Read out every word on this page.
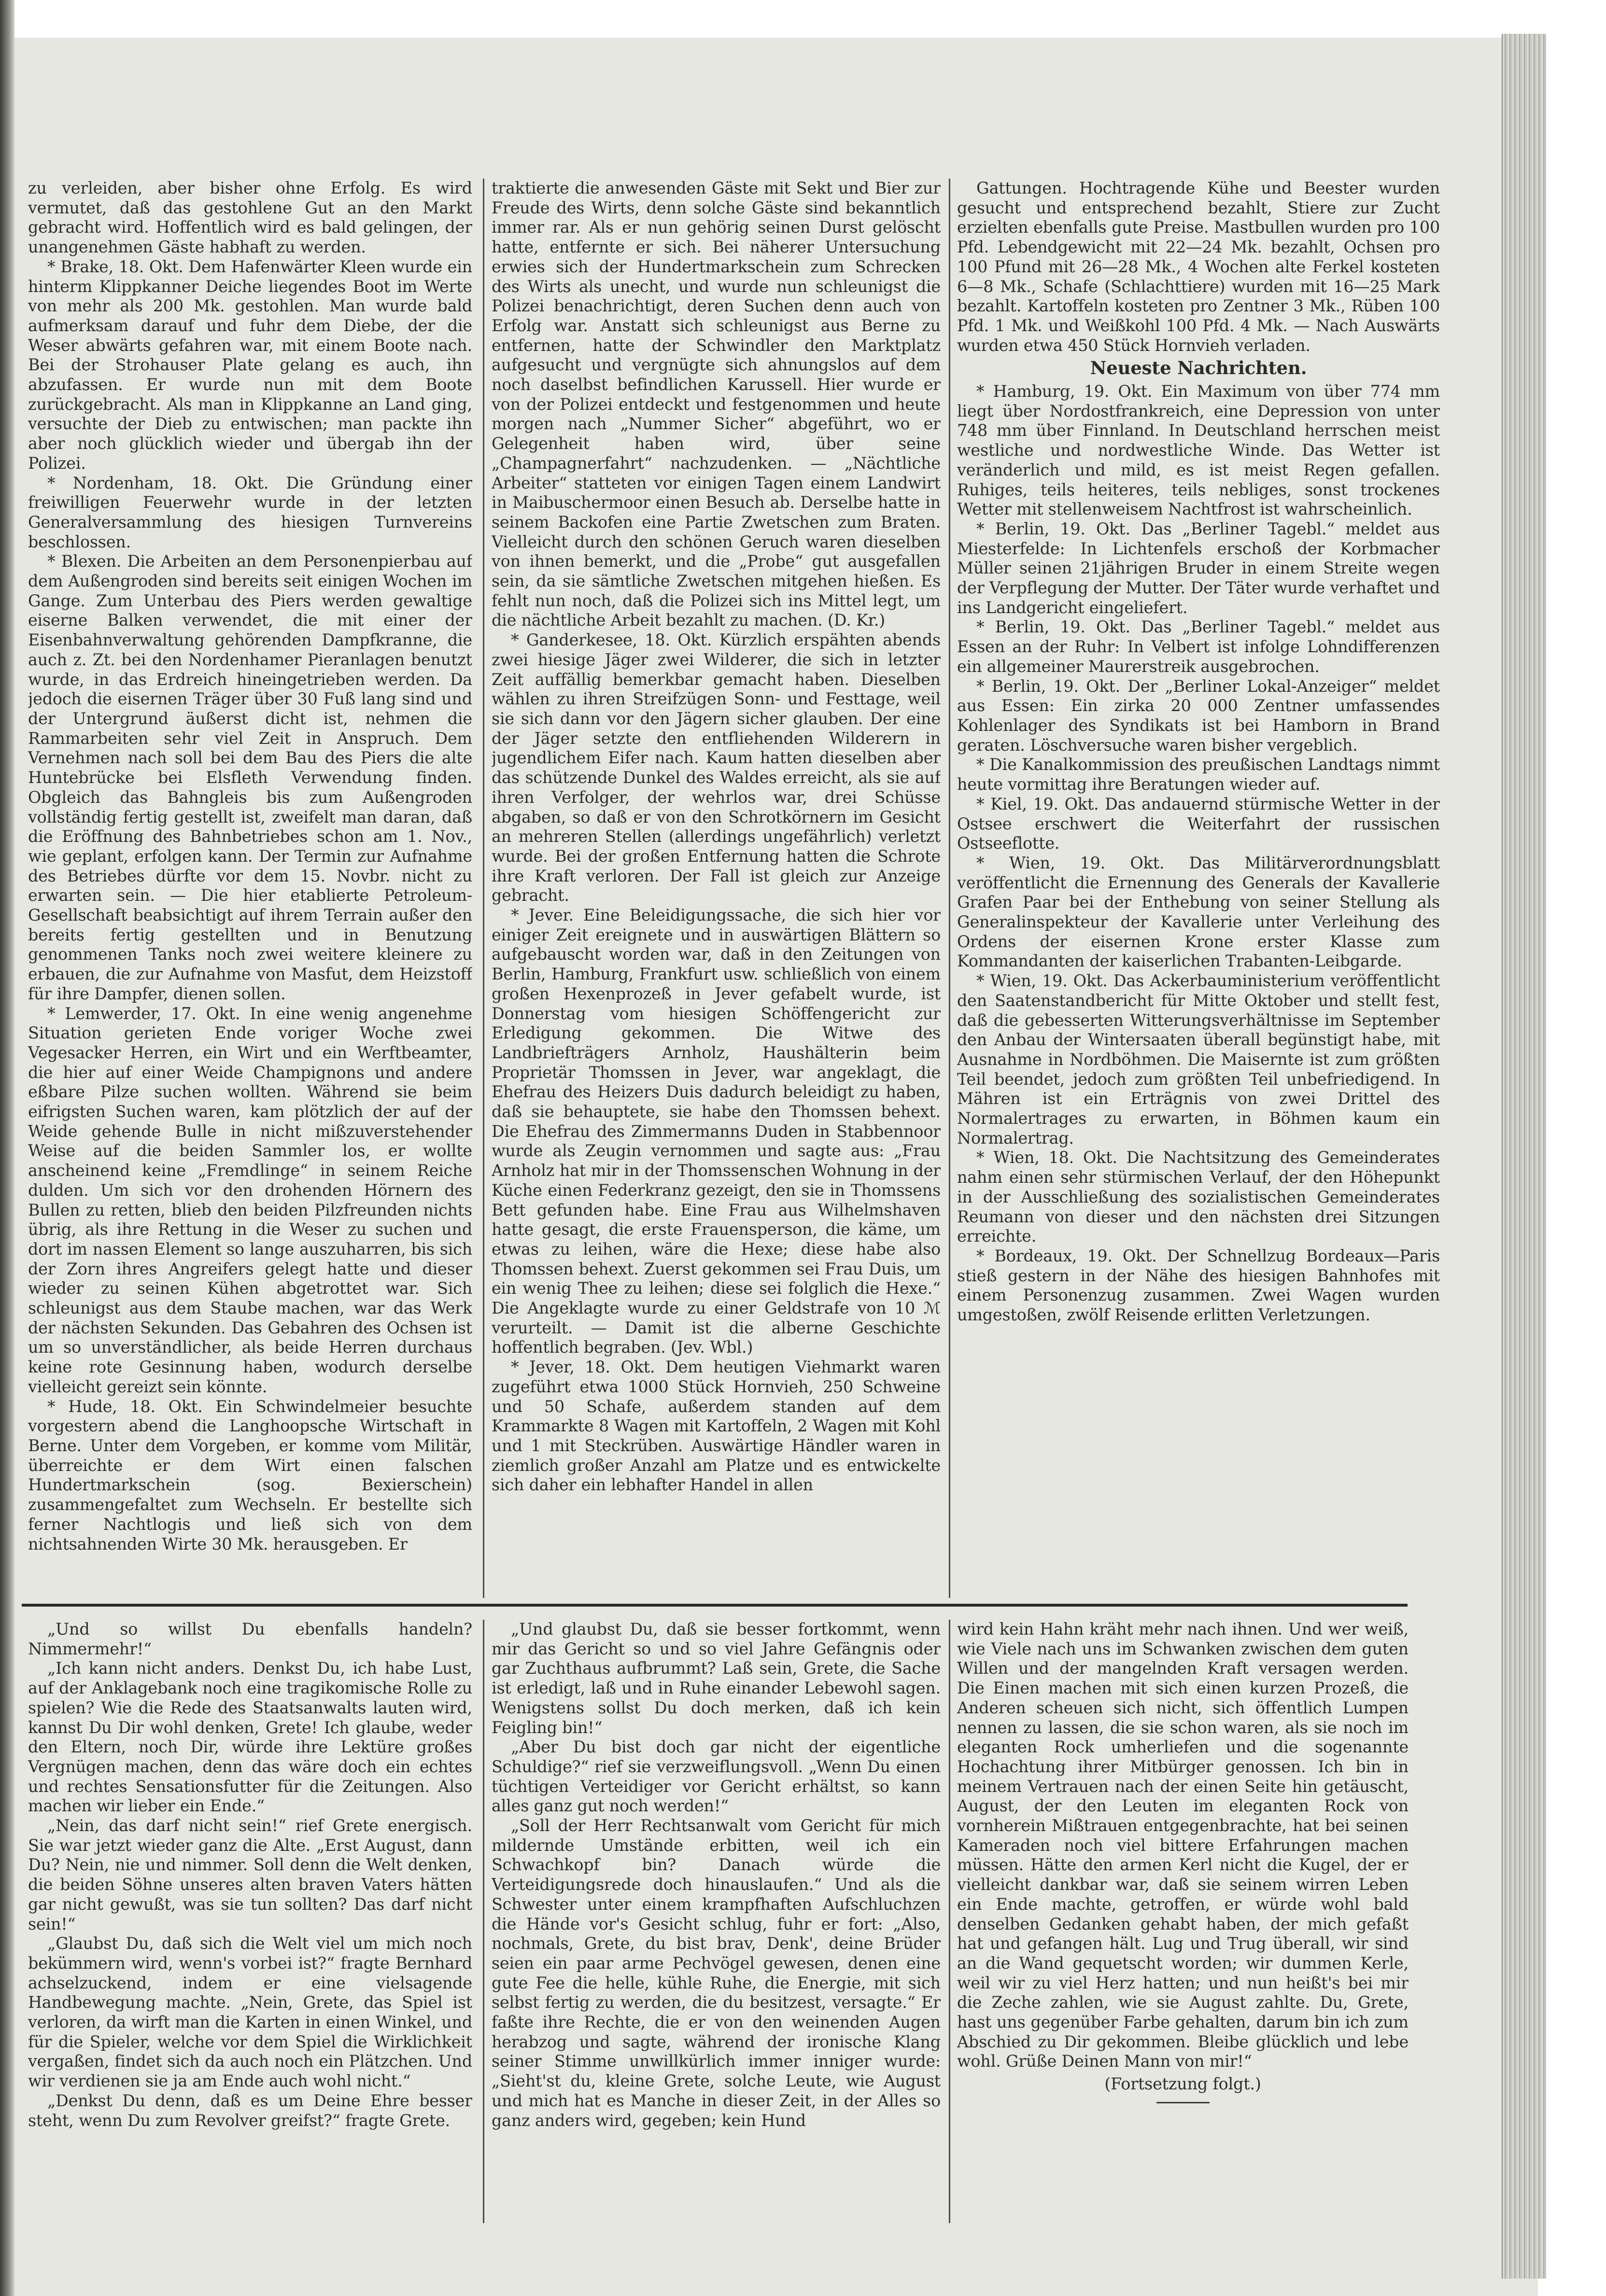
zu verleiden, aber bisher ohne Erfolg. Es wird vermutet, daß das gestohlene Gut an den Markt gebracht wird. Hoffentlich wird es bald gelingen, der unangenehmen Gäste habhaft zu werden.

* Brake, 18. Okt. Dem Hafenwärter Kleen wurde ein hinterm Klippkanner Deiche liegendes Boot im Werte von mehr als 200 Mk. gestohlen. Man wurde bald aufmerksam darauf und fuhr dem Diebe, der die Weser abwärts gefahren war, mit einem Boote nach. Bei der Strohauser Plate gelang es auch, ihn abzufassen. Er wurde nun mit dem Boote zurückgebracht. Als man in Klippkanne an Land ging, versuchte der Dieb zu entwischen; man packte ihn aber noch glücklich wieder und übergab ihn der Polizei.

* Nordenham, 18. Okt. Die Gründung einer freiwilligen Feuerwehr wurde in der letzten Generalversammlung des hiesigen Turnvereins beschlossen.

* Blexen. Die Arbeiten an dem Personenpierbau auf dem Außengroden sind bereits seit einigen Wochen im Gange. Zum Unterbau des Piers werden gewaltige eiserne Balken verwendet, die mit einer der Eisenbahnverwaltung gehörenden Dampfkranne, die auch z. Zt. bei den Nordenhamer Pieranlagen benutzt wurde, in das Erdreich hineingetrieben werden. Da jedoch die eisernen Träger über 30 Fuß lang sind und der Untergrund äußerst dicht ist, nehmen die Rammarbeiten sehr viel Zeit in Anspruch. Dem Vernehmen nach soll bei dem Bau des Piers die alte Huntebrücke bei Elsfleth Verwendung finden. Obgleich das Bahngleis bis zum Außengroden vollständig fertig gestellt ist, zweifelt man daran, daß die Eröffnung des Bahnbetriebes schon am 1. Nov., wie geplant, erfolgen kann. Der Termin zur Aufnahme des Betriebes dürfte vor dem 15. Novbr. nicht zu erwarten sein. — Die hier etablierte Petroleum-Gesellschaft beabsichtigt auf ihrem Terrain außer den bereits fertig gestellten und in Benutzung genommenen Tanks noch zwei weitere kleinere zu erbauen, die zur Aufnahme von Masfut, dem Heizstoff für ihre Dampfer, dienen sollen.

* Lemwerder, 17. Okt. In eine wenig angenehme Situation gerieten Ende voriger Woche zwei Vegesacker Herren, ein Wirt und ein Werftbeamter, die hier auf einer Weide Champignons und andere eßbare Pilze suchen wollten. Während sie beim eifrigsten Suchen waren, kam plötzlich der auf der Weide gehende Bulle in nicht mißzuverstehender Weise auf die beiden Sammler los, er wollte anscheinend keine „Fremdlinge“ in seinem Reiche dulden. Um sich vor den drohenden Hörnern des Bullen zu retten, blieb den beiden Pilzfreunden nichts übrig, als ihre Rettung in die Weser zu suchen und dort im nassen Element so lange auszuharren, bis sich der Zorn ihres Angreifers gelegt hatte und dieser wieder zu seinen Kühen abgetrottet war. Sich schleunigst aus dem Staube machen, war das Werk der nächsten Sekunden. Das Gebahren des Ochsen ist um so unverständlicher, als beide Herren durchaus keine rote Gesinnung haben, wodurch derselbe vielleicht gereizt sein könnte.

* Hude, 18. Okt. Ein Schwindelmeier besuchte vorgestern abend die Langhoopsche Wirtschaft in Berne. Unter dem Vorgeben, er komme vom Militär, überreichte er dem Wirt einen falschen Hundertmarkschein (sog. Bexierschein) zusammengefaltet zum Wechseln. Er bestellte sich ferner Nachtlogis und ließ sich von dem nichtsahnenden Wirte 30 Mk. herausgeben. Er

traktierte die anwesenden Gäste mit Sekt und Bier zur Freude des Wirts, denn solche Gäste sind bekanntlich immer rar. Als er nun gehörig seinen Durst gelöscht hatte, entfernte er sich. Bei näherer Untersuchung erwies sich der Hundertmarkschein zum Schrecken des Wirts als unecht, und wurde nun schleunigst die Polizei benachrichtigt, deren Suchen denn auch von Erfolg war. Anstatt sich schleunigst aus Berne zu entfernen, hatte der Schwindler den Marktplatz aufgesucht und vergnügte sich ahnungslos auf dem noch daselbst befindlichen Karussell. Hier wurde er von der Polizei entdeckt und festgenommen und heute morgen nach „Nummer Sicher“ abgeführt, wo er Gelegenheit haben wird, über seine „Champagnerfahrt“ nachzudenken. — „Nächtliche Arbeiter“ statteten vor einigen Tagen einem Landwirt in Maibuschermoor einen Besuch ab. Derselbe hatte in seinem Backofen eine Partie Zwetschen zum Braten. Vielleicht durch den schönen Geruch waren dieselben von ihnen bemerkt, und die „Probe“ gut ausgefallen sein, da sie sämtliche Zwetschen mitgehen hießen. Es fehlt nun noch, daß die Polizei sich ins Mittel legt, um die nächtliche Arbeit bezahlt zu machen. (D. Kr.)

* Ganderkesee, 18. Okt. Kürzlich erspähten abends zwei hiesige Jäger zwei Wilderer, die sich in letzter Zeit auffällig bemerkbar gemacht haben. Dieselben wählen zu ihren Streifzügen Sonn- und Festtage, weil sie sich dann vor den Jägern sicher glauben. Der eine der Jäger setzte den entfliehenden Wilderern in jugendlichem Eifer nach. Kaum hatten dieselben aber das schützende Dunkel des Waldes erreicht, als sie auf ihren Verfolger, der wehrlos war, drei Schüsse abgaben, so daß er von den Schrotkörnern im Gesicht an mehreren Stellen (allerdings ungefährlich) verletzt wurde. Bei der großen Entfernung hatten die Schrote ihre Kraft verloren. Der Fall ist gleich zur Anzeige gebracht.

* Jever. Eine Beleidigungssache, die sich hier vor einiger Zeit ereignete und in auswärtigen Blättern so aufgebauscht worden war, daß in den Zeitungen von Berlin, Hamburg, Frankfurt usw. schließlich von einem großen Hexenprozeß in Jever gefabelt wurde, ist Donnerstag vom hiesigen Schöffengericht zur Erledigung gekommen. Die Witwe des Landbriefträgers Arnholz, Haushälterin beim Proprietär Thomssen in Jever, war angeklagt, die Ehefrau des Heizers Duis dadurch beleidigt zu haben, daß sie behauptete, sie habe den Thomssen behext. Die Ehefrau des Zimmermanns Duden in Stabbennoor wurde als Zeugin vernommen und sagte aus: „Frau Arnholz hat mir in der Thomssenschen Wohnung in der Küche einen Federkranz gezeigt, den sie in Thomssens Bett gefunden habe. Eine Frau aus Wilhelmshaven hatte gesagt, die erste Frauensperson, die käme, um etwas zu leihen, wäre die Hexe; diese habe also Thomssen behext. Zuerst gekommen sei Frau Duis, um ein wenig Thee zu leihen; diese sei folglich die Hexe.“ Die Angeklagte wurde zu einer Geldstrafe von 10 ℳ verurteilt. — Damit ist die alberne Geschichte hoffentlich begraben. (Jev. Wbl.)

* Jever, 18. Okt. Dem heutigen Viehmarkt waren zugeführt etwa 1000 Stück Hornvieh, 250 Schweine und 50 Schafe, außerdem standen auf dem Krammarkte 8 Wagen mit Kartoffeln, 2 Wagen mit Kohl und 1 mit Steckrüben. Auswärtige Händler waren in ziemlich großer Anzahl am Platze und es entwickelte sich daher ein lebhafter Handel in allen

Gattungen. Hochtragende Kühe und Beester wurden gesucht und entsprechend bezahlt, Stiere zur Zucht erzielten ebenfalls gute Preise. Mastbullen wurden pro 100 Pfd. Lebendgewicht mit 22—24 Mk. bezahlt, Ochsen pro 100 Pfund mit 26—28 Mk., 4 Wochen alte Ferkel kosteten 6—8 Mk., Schafe (Schlachttiere) wurden mit 16—25 Mark bezahlt. Kartoffeln kosteten pro Zentner 3 Mk., Rüben 100 Pfd. 1 Mk. und Weißkohl 100 Pfd. 4 Mk. — Nach Auswärts wurden etwa 450 Stück Hornvieh verladen.

Neueste Nachrichten.

* Hamburg, 19. Okt. Ein Maximum von über 774 mm liegt über Nordostfrankreich, eine Depression von unter 748 mm über Finnland. In Deutschland herrschen meist westliche und nordwestliche Winde. Das Wetter ist veränderlich und mild, es ist meist Regen gefallen. Ruhiges, teils heiteres, teils nebliges, sonst trockenes Wetter mit stellenweisem Nachtfrost ist wahrscheinlich.

* Berlin, 19. Okt. Das „Berliner Tagebl.“ meldet aus Miesterfelde: In Lichtenfels erschoß der Korbmacher Müller seinen 21jährigen Bruder in einem Streite wegen der Verpflegung der Mutter. Der Täter wurde verhaftet und ins Landgericht eingeliefert.

* Berlin, 19. Okt. Das „Berliner Tagebl.“ meldet aus Essen an der Ruhr: In Velbert ist infolge Lohndifferenzen ein allgemeiner Maurerstreik ausgebrochen.

* Berlin, 19. Okt. Der „Berliner Lokal-Anzeiger“ meldet aus Essen: Ein zirka 20 000 Zentner umfassendes Kohlenlager des Syndikats ist bei Hamborn in Brand geraten. Löschversuche waren bisher vergeblich.

* Die Kanalkommission des preußischen Landtags nimmt heute vormittag ihre Beratungen wieder auf.

* Kiel, 19. Okt. Das andauernd stürmische Wetter in der Ostsee erschwert die Weiterfahrt der russischen Ostseeflotte.

* Wien, 19. Okt. Das Militärverordnungsblatt veröffentlicht die Ernennung des Generals der Kavallerie Grafen Paar bei der Enthebung von seiner Stellung als Generalinspekteur der Kavallerie unter Verleihung des Ordens der eisernen Krone erster Klasse zum Kommandanten der kaiserlichen Trabanten-Leibgarde.

* Wien, 19. Okt. Das Ackerbauministerium veröffentlicht den Saatenstandbericht für Mitte Oktober und stellt fest, daß die gebesserten Witterungsverhältnisse im September den Anbau der Wintersaaten überall begünstigt habe, mit Ausnahme in Nordböhmen. Die Maisernte ist zum größten Teil beendet, jedoch zum größten Teil unbefriedigend. In Mähren ist ein Erträgnis von zwei Drittel des Normalertrages zu erwarten, in Böhmen kaum ein Normalertrag.

* Wien, 18. Okt. Die Nachtsitzung des Gemeinderates nahm einen sehr stürmischen Verlauf, der den Höhepunkt in der Ausschließung des sozialistischen Gemeinderates Reumann von dieser und den nächsten drei Sitzungen erreichte.

* Bordeaux, 19. Okt. Der Schnellzug Bordeaux—Paris stieß gestern in der Nähe des hiesigen Bahnhofes mit einem Personenzug zusammen. Zwei Wagen wurden umgestoßen, zwölf Reisende erlitten Verletzungen.

„Und so willst Du ebenfalls handeln? Nimmermehr!“

„Ich kann nicht anders. Denkst Du, ich habe Lust, auf der Anklagebank noch eine tragikomische Rolle zu spielen? Wie die Rede des Staatsanwalts lauten wird, kannst Du Dir wohl denken, Grete! Ich glaube, weder den Eltern, noch Dir, würde ihre Lektüre großes Vergnügen machen, denn das wäre doch ein echtes und rechtes Sensationsfutter für die Zeitungen. Also machen wir lieber ein Ende.“

„Nein, das darf nicht sein!“ rief Grete energisch. Sie war jetzt wieder ganz die Alte. „Erst August, dann Du? Nein, nie und nimmer. Soll denn die Welt denken, die beiden Söhne unseres alten braven Vaters hätten gar nicht gewußt, was sie tun sollten? Das darf nicht sein!“

„Glaubst Du, daß sich die Welt viel um mich noch bekümmern wird, wenn's vorbei ist?“ fragte Bernhard achselzuckend, indem er eine vielsagende Handbewegung machte. „Nein, Grete, das Spiel ist verloren, da wirft man die Karten in einen Winkel, und für die Spieler, welche vor dem Spiel die Wirklichkeit vergaßen, findet sich da auch noch ein Plätzchen. Und wir verdienen sie ja am Ende auch wohl nicht.“

„Denkst Du denn, daß es um Deine Ehre besser steht, wenn Du zum Revolver greifst?“ fragte Grete.

„Und glaubst Du, daß sie besser fortkommt, wenn mir das Gericht so und so viel Jahre Gefängnis oder gar Zuchthaus aufbrummt? Laß sein, Grete, die Sache ist erledigt, laß und in Ruhe einander Lebewohl sagen. Wenigstens sollst Du doch merken, daß ich kein Feigling bin!“

„Aber Du bist doch gar nicht der eigentliche Schuldige?“ rief sie verzweiflungsvoll. „Wenn Du einen tüchtigen Verteidiger vor Gericht erhältst, so kann alles ganz gut noch werden!“

„Soll der Herr Rechtsanwalt vom Gericht für mich mildernde Umstände erbitten, weil ich ein Schwachkopf bin? Danach würde die Verteidigungsrede doch hinauslaufen.“ Und als die Schwester unter einem krampfhaften Aufschluchzen die Hände vor's Gesicht schlug, fuhr er fort: „Also, nochmals, Grete, du bist brav, Denk', deine Brüder seien ein paar arme Pechvögel gewesen, denen eine gute Fee die helle, kühle Ruhe, die Energie, mit sich selbst fertig zu werden, die du besitzest, versagte.“ Er faßte ihre Rechte, die er von den weinenden Augen herabzog und sagte, während der ironische Klang seiner Stimme unwillkürlich immer inniger wurde: „Sieht'st du, kleine Grete, solche Leute, wie August und mich hat es Manche in dieser Zeit, in der Alles so ganz anders wird, gegeben; kein Hund

wird kein Hahn kräht mehr nach ihnen. Und wer weiß, wie Viele nach uns im Schwanken zwischen dem guten Willen und der mangelnden Kraft versagen werden. Die Einen machen mit sich einen kurzen Prozeß, die Anderen scheuen sich nicht, sich öffentlich Lumpen nennen zu lassen, die sie schon waren, als sie noch im eleganten Rock umherliefen und die sogenannte Hochachtung ihrer Mitbürger genossen. Ich bin in meinem Vertrauen nach der einen Seite hin getäuscht, August, der den Leuten im eleganten Rock von vornherein Mißtrauen entgegenbrachte, hat bei seinen Kameraden noch viel bittere Erfahrungen machen müssen. Hätte den armen Kerl nicht die Kugel, der er vielleicht dankbar war, daß sie seinem wirren Leben ein Ende machte, getroffen, er würde wohl bald denselben Gedanken gehabt haben, der mich gefaßt hat und gefangen hält. Lug und Trug überall, wir sind an die Wand gequetscht worden; wir dummen Kerle, weil wir zu viel Herz hatten; und nun heißt's bei mir die Zeche zahlen, wie sie August zahlte. Du, Grete, hast uns gegenüber Farbe gehalten, darum bin ich zum Abschied zu Dir gekommen. Bleibe glücklich und lebe wohl. Grüße Deinen Mann von mir!“

(Fortsetzung folgt.)
